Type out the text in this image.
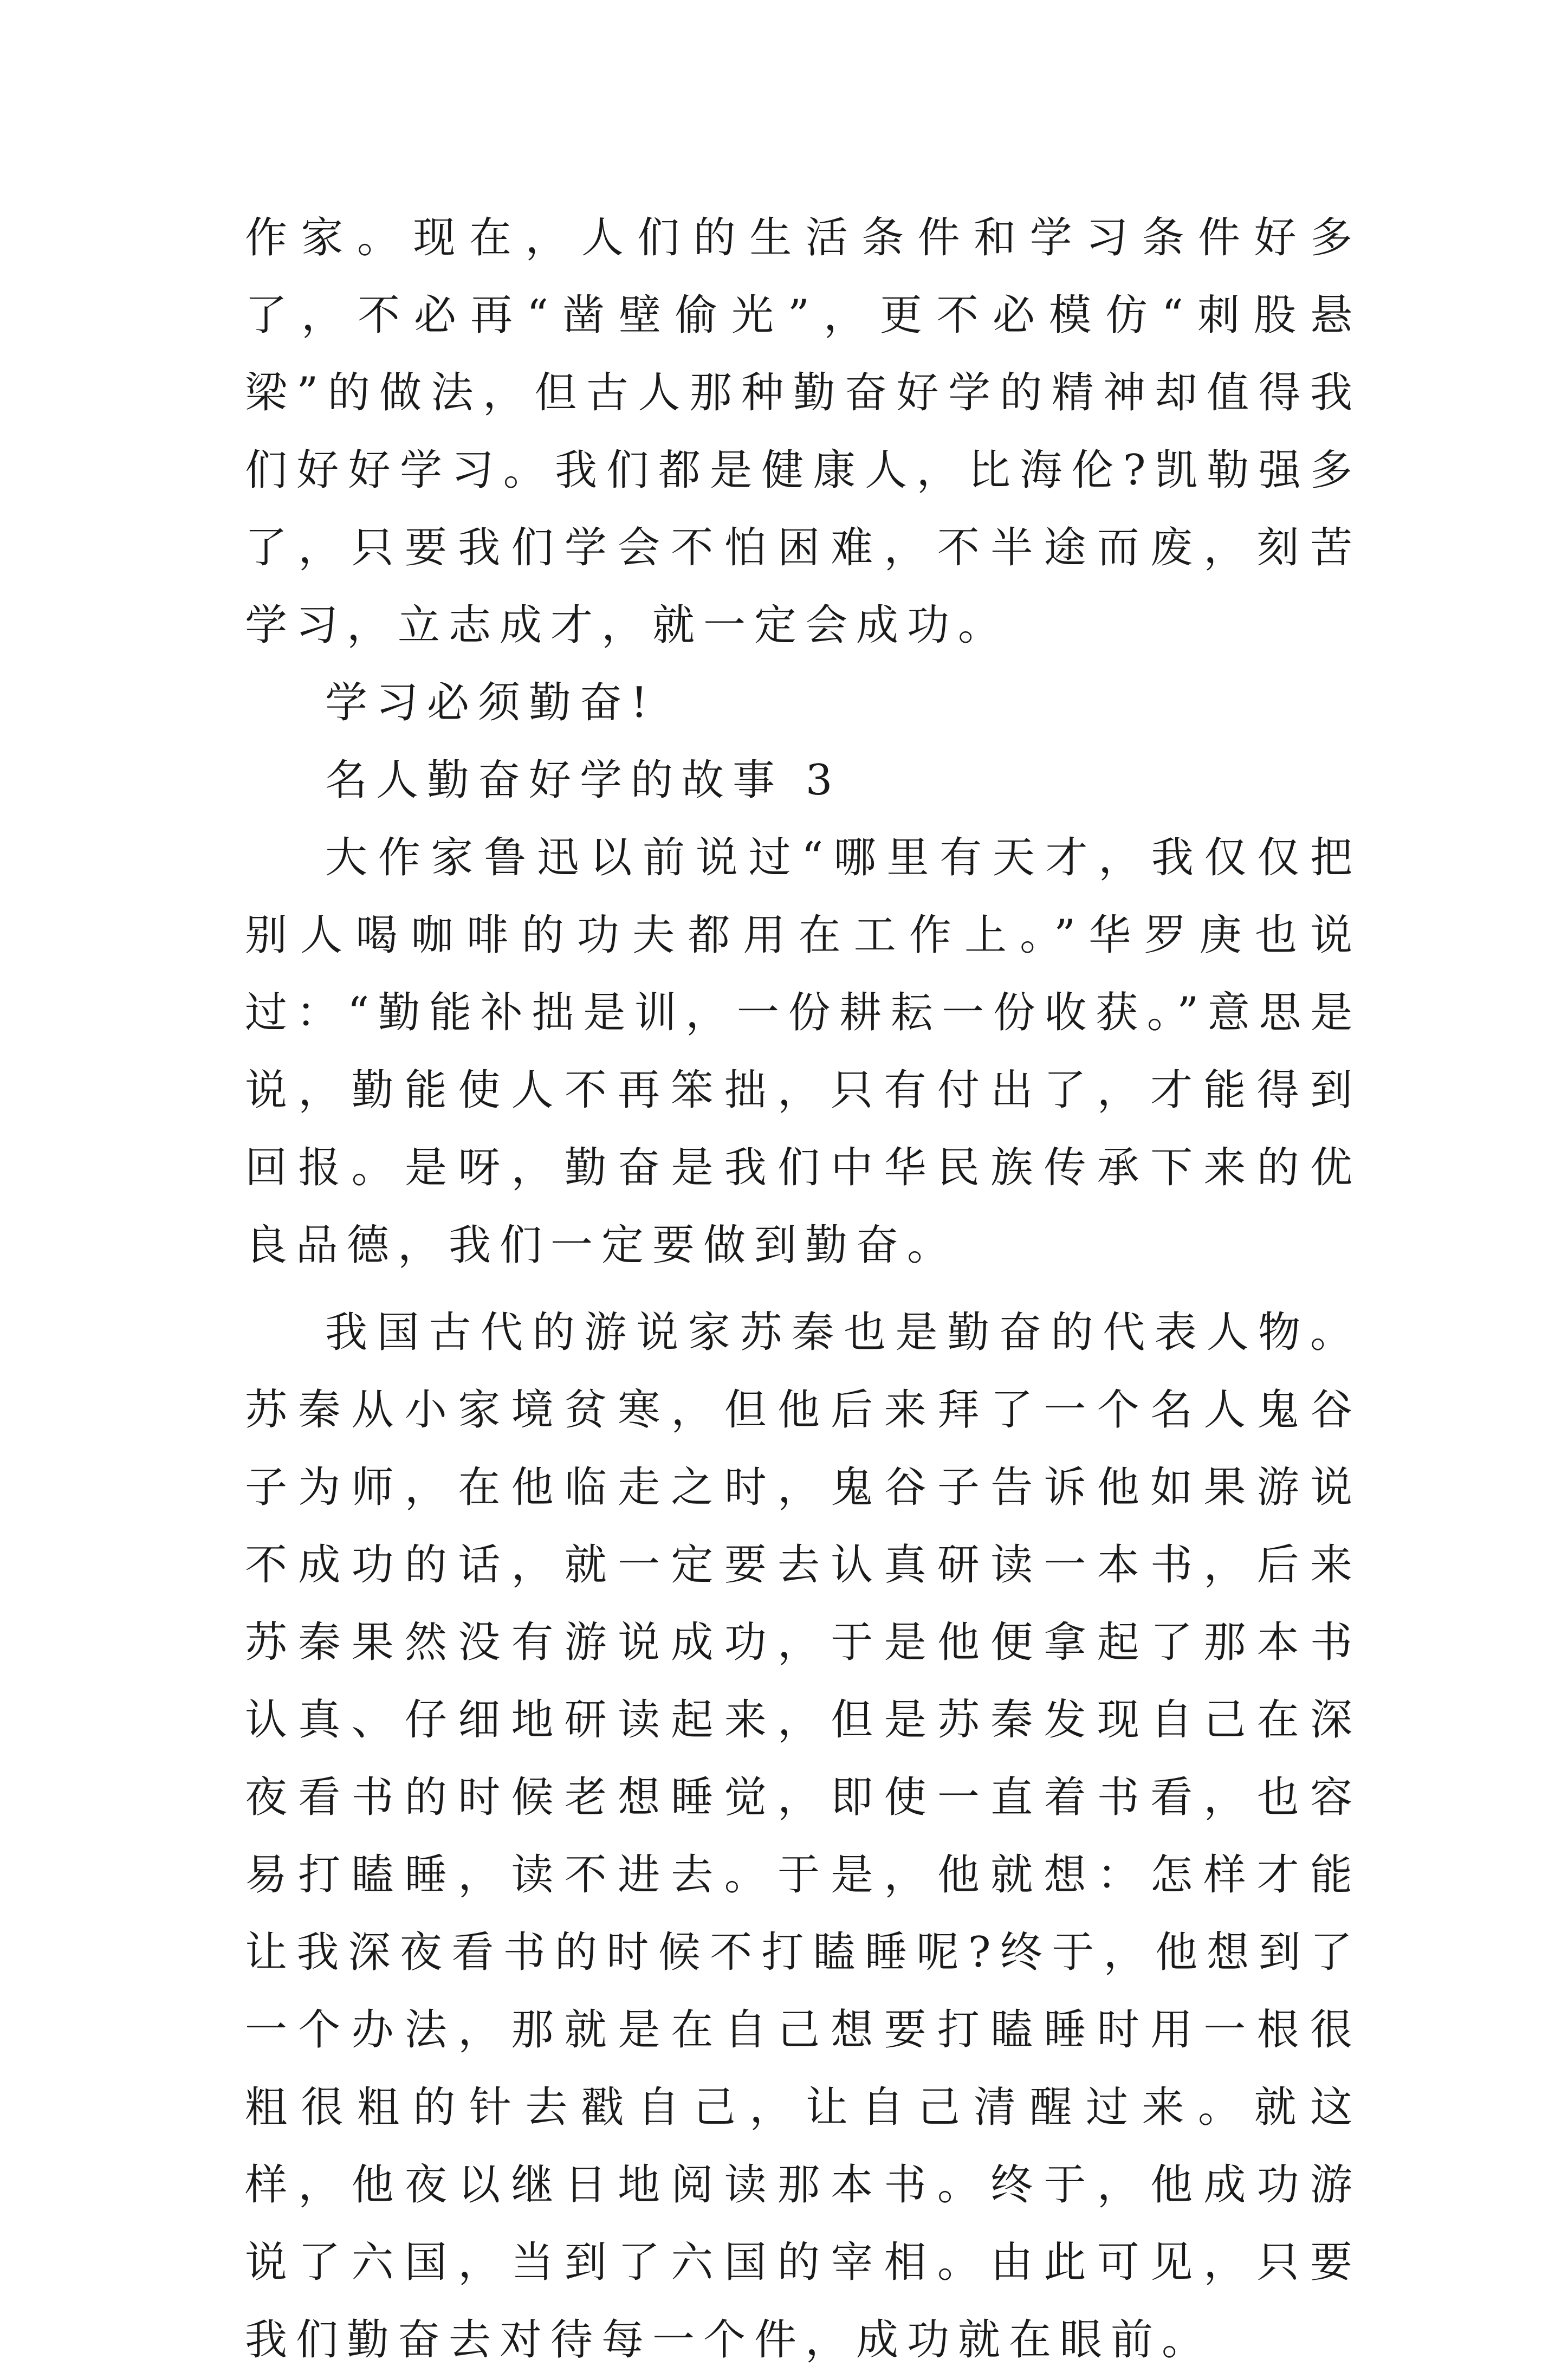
作家。现在，人们的生活条件和学习条件好多了，不必再“凿壁偷光”，更不必模仿“刺股悬梁”的做法，但古人那种勤奋好学的精神却值得我们好好学习。我们都是健康人，比海伦?凯勒强多了，只要我们学会不怕困难，不半途而废，刻苦学习，立志成才，就一定会成功。

学习必须勤奋!

名人勤奋好学的故事 3

大作家鲁迅以前说过“哪里有天才，我仅仅把别人喝咖啡的功夫都用在工作上。”华罗庚也说过：“勤能补拙是训，一份耕耘一份收获。”意思是说，勤能使人不再笨拙，只有付出了，才能得到回报。是呀，勤奋是我们中华民族传承下来的优良品德，我们一定要做到勤奋。

我国古代的游说家苏秦也是勤奋的代表人物。苏秦从小家境贫寒，但他后来拜了一个名人鬼谷子为师，在他临走之时，鬼谷子告诉他如果游说不成功的话，就一定要去认真研读一本书，后来苏秦果然没有游说成功，于是他便拿起了那本书认真、仔细地研读起来，但是苏秦发现自己在深夜看书的时候老想睡觉，即使一直着书看，也容易打瞌睡，读不进去。于是，他就想：怎样才能让我深夜看书的时候不打瞌睡呢?终于，他想到了一个办法，那就是在自己想要打瞌睡时用一根很粗很粗的针去戳自己，让自己清醒过来。就这样，他夜以继日地阅读那本书。终于，他成功游说了六国，当到了六国的宰相。由此可见，只要我们勤奋去对待每一个件，成功就在眼前。
